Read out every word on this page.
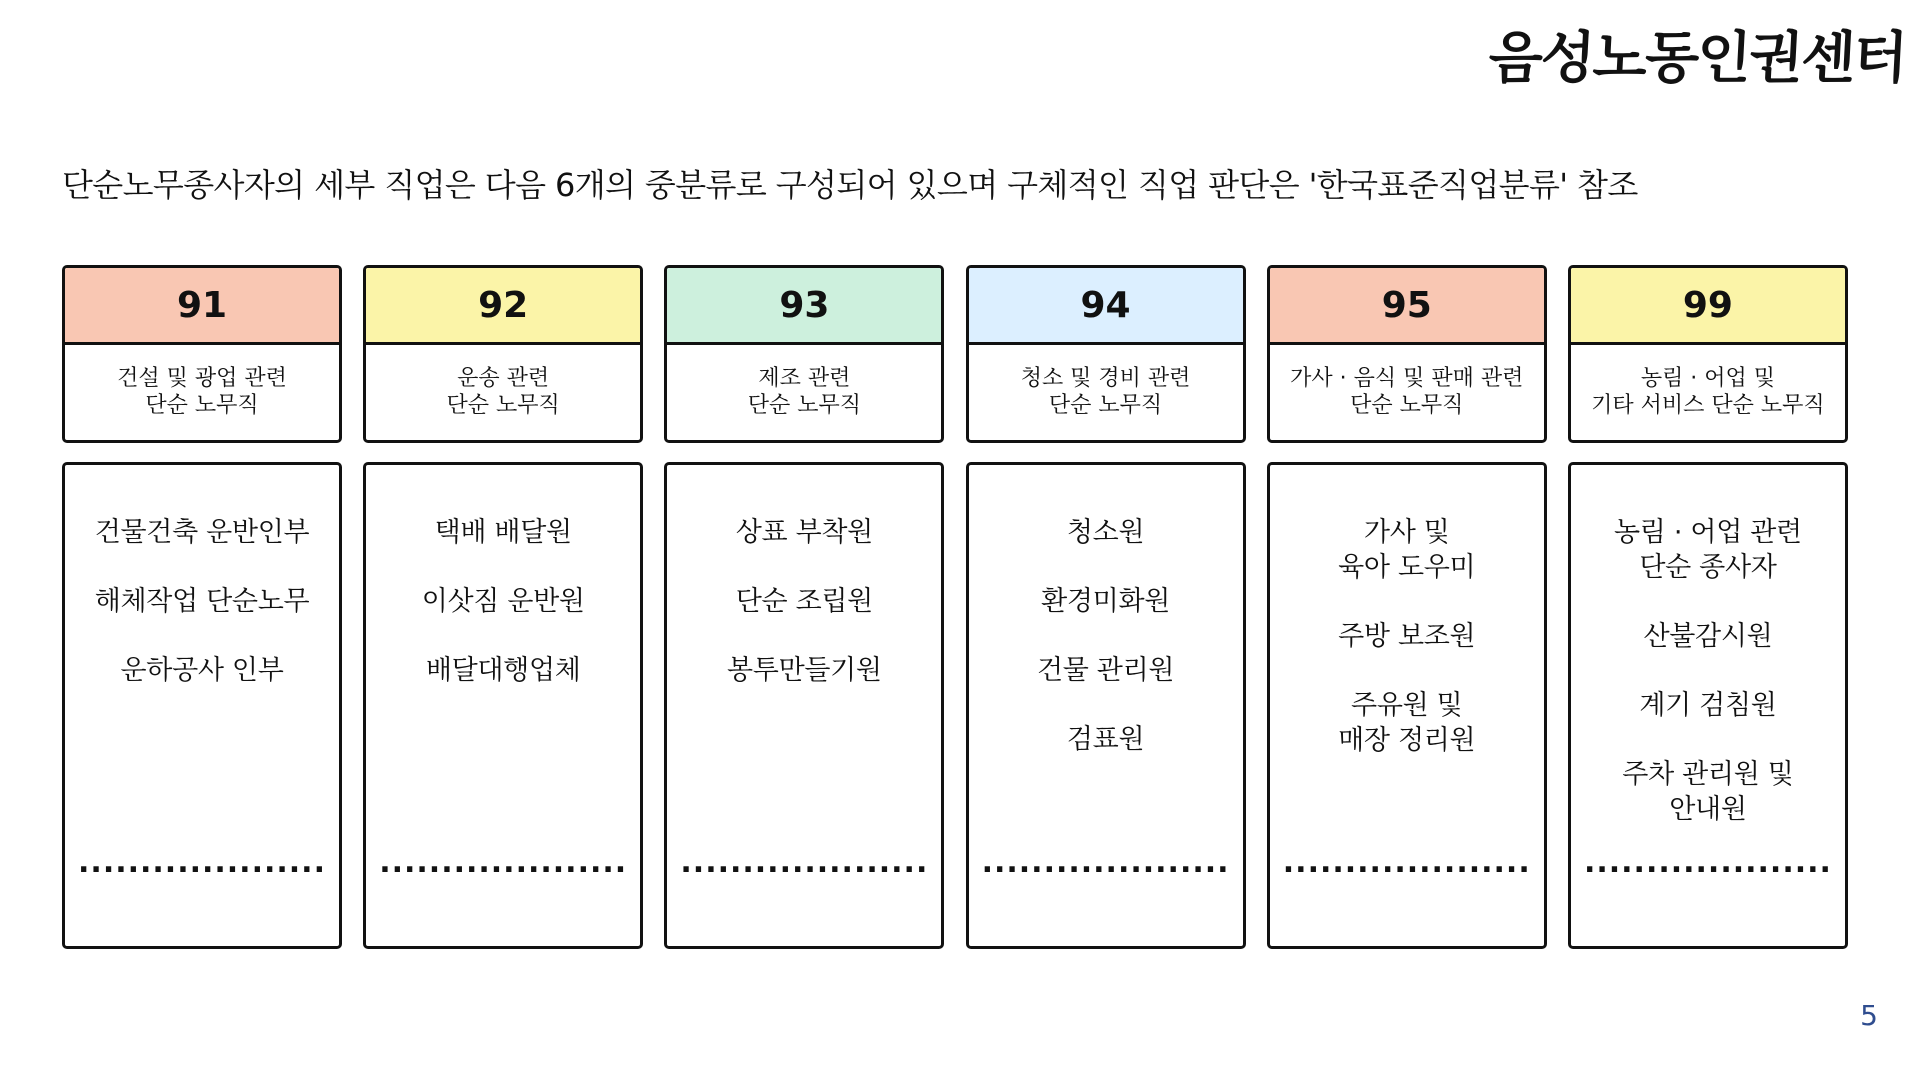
음성노동인권센터
단순노무종사자의 세부 직업은 다음 6개의 중분류로 구성되어 있으며 구체적인 직업 판단은 '한국표준직업분류' 참조
91
건설 및 광업 관련
단순 노무직
건물건축 운반인부
해체작업 단순노무
운하공사 인부
....................
92
운송 관련
단순 노무직
택배 배달원
이삿짐 운반원
배달대행업체
....................
93
제조 관련
단순 노무직
상표 부착원
단순 조립원
봉투만들기원
....................
94
청소 및 경비 관련
단순 노무직
청소원
환경미화원
건물 관리원
검표원
....................
95
가사 · 음식 및 판매 관련
단순 노무직
가사 및
육아 도우미
주방 보조원
주유원 및
매장 정리원
....................
99
농림 · 어업 및
기타 서비스 단순 노무직
농림 · 어업 관련
단순 종사자
산불감시원
계기 검침원
주차 관리원 및
안내원
....................
5
